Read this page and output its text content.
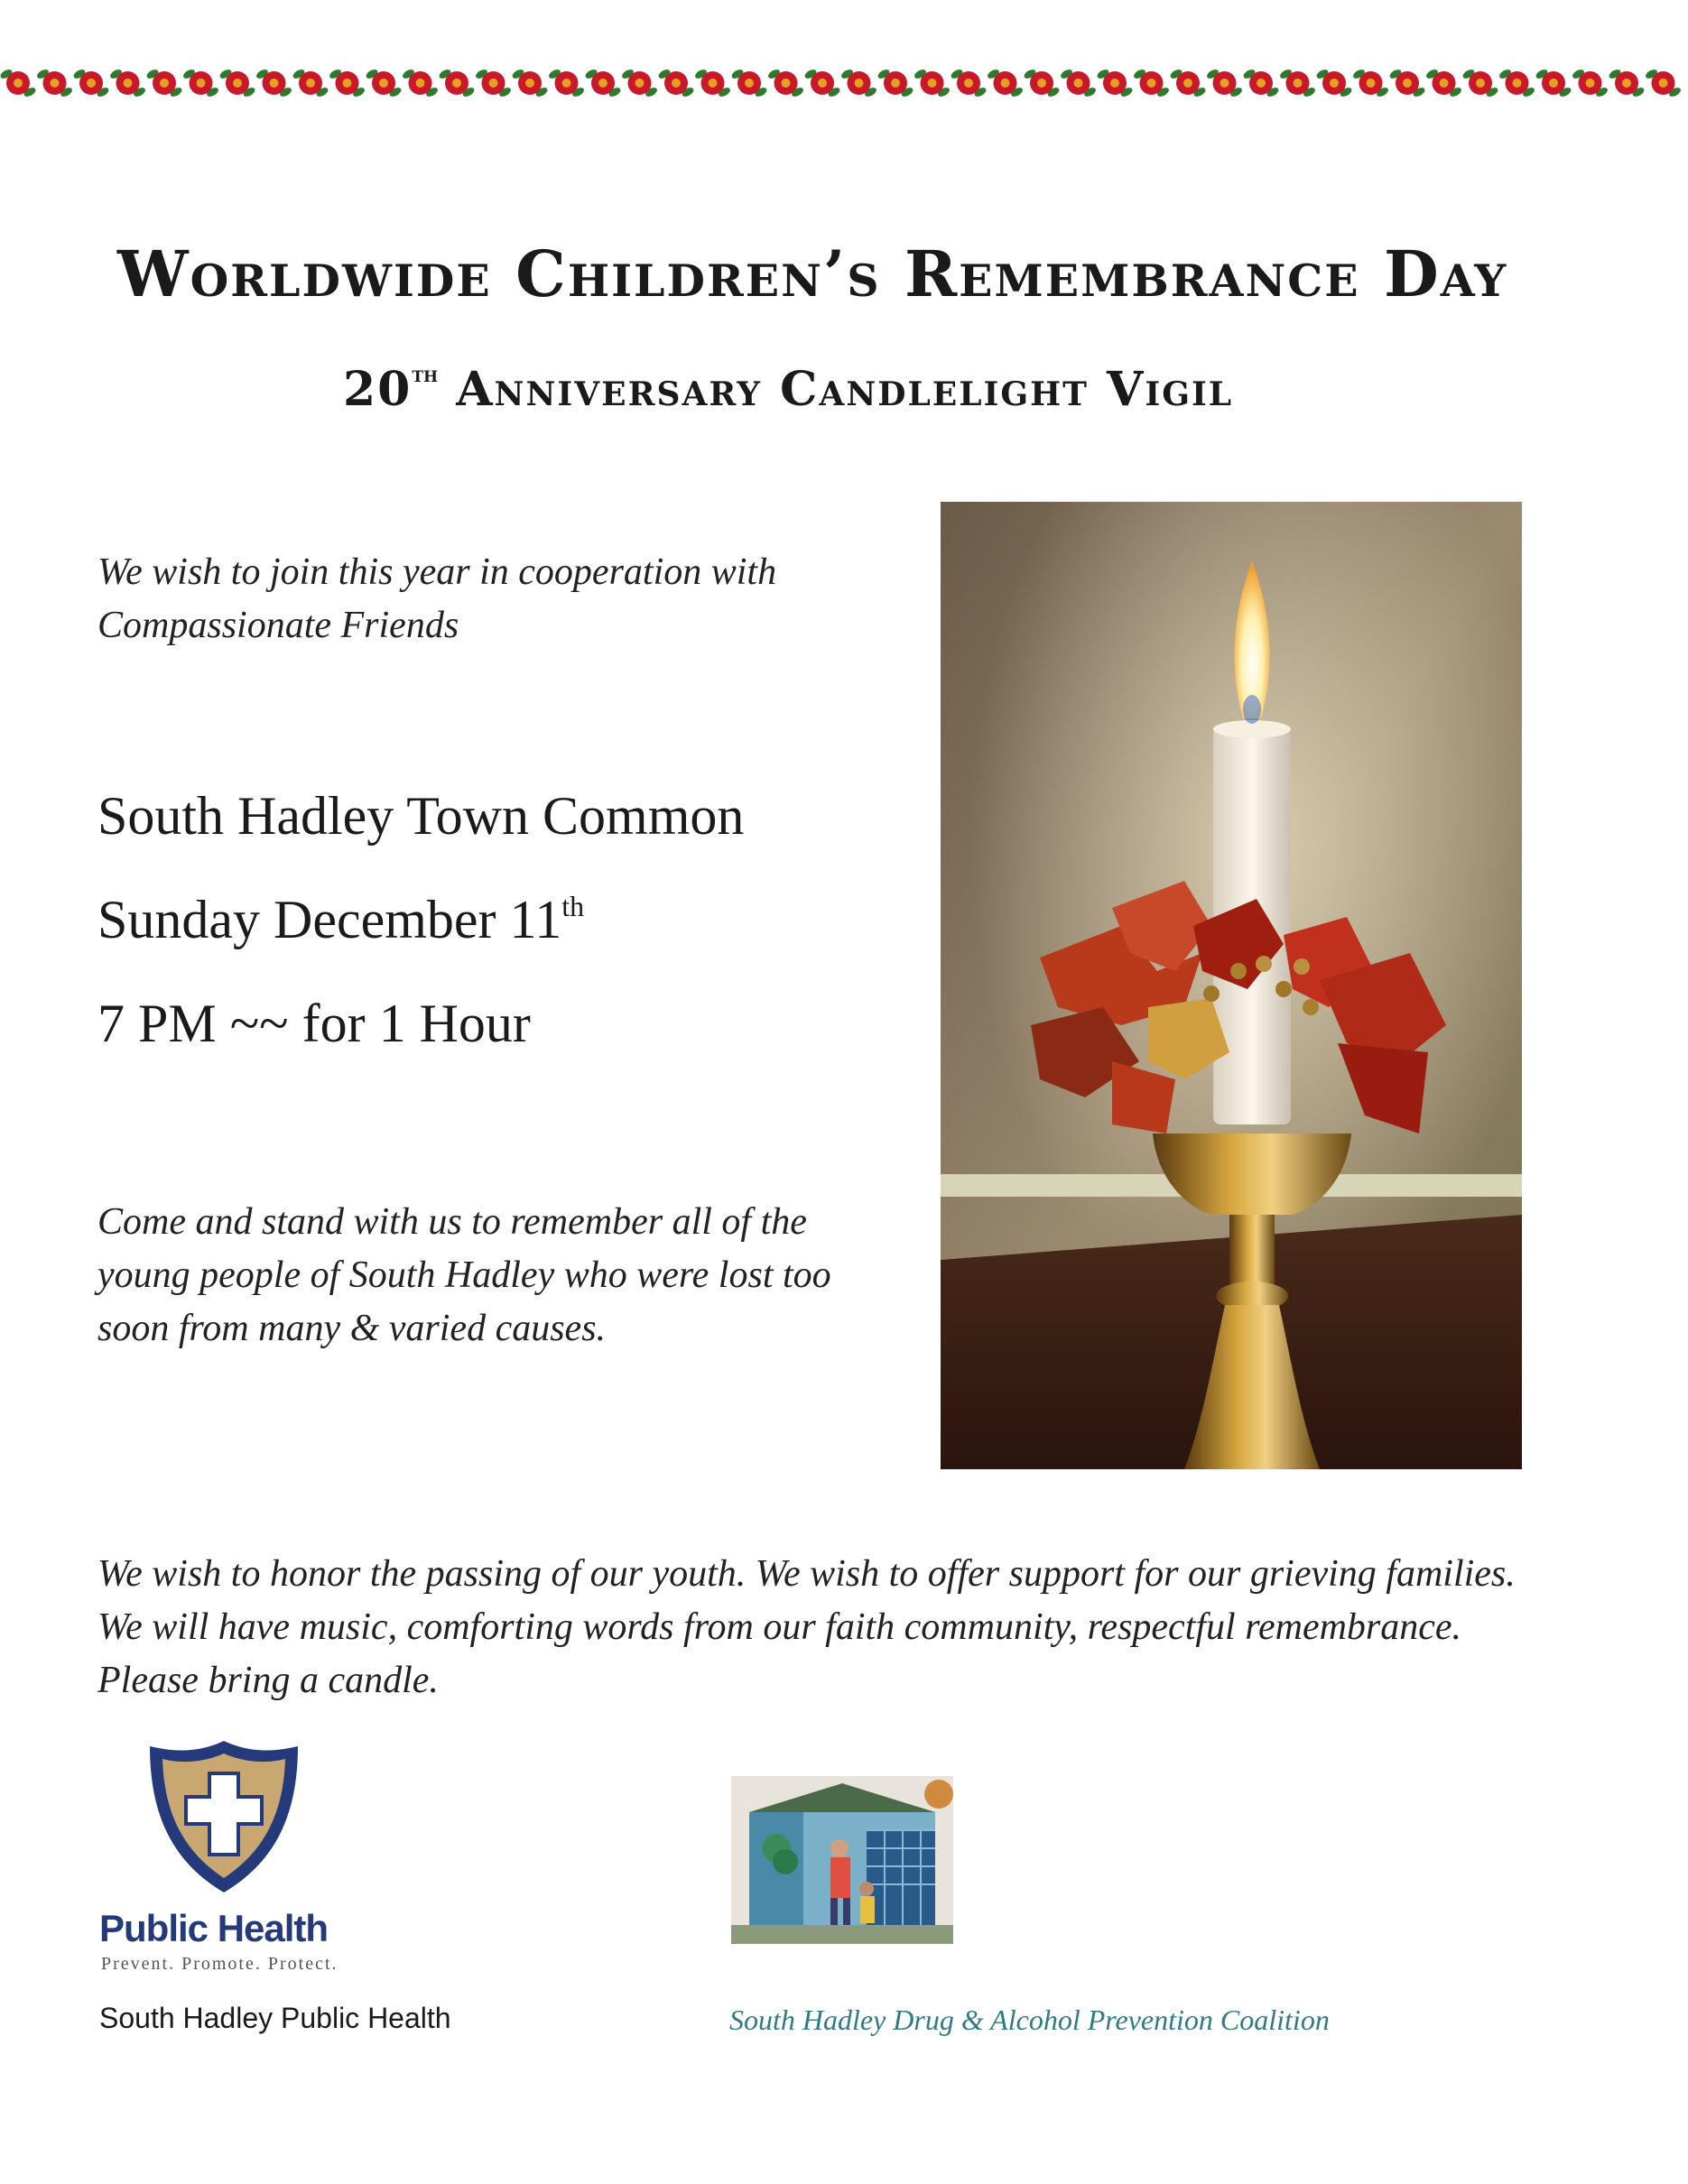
Worldwide Children’s Remembrance Day
20th Anniversary Candlelight Vigil
We wish to join this year in cooperation with
Compassionate Friends
South Hadley Town Common
Sunday December 11th
7 PM ~~ for 1 Hour
Come and stand with us to remember all of the
young people of South Hadley who were lost too
soon from many & varied causes.
We wish to honor the passing of our youth. We wish to offer support for our grieving families.
We will have music, comforting words from our faith community, respectful remembrance.
Please bring a candle.
Public Health
Prevent. Promote. Protect.
South Hadley Public Health	South Hadley Drug & Alcohol Prevention Coalition
